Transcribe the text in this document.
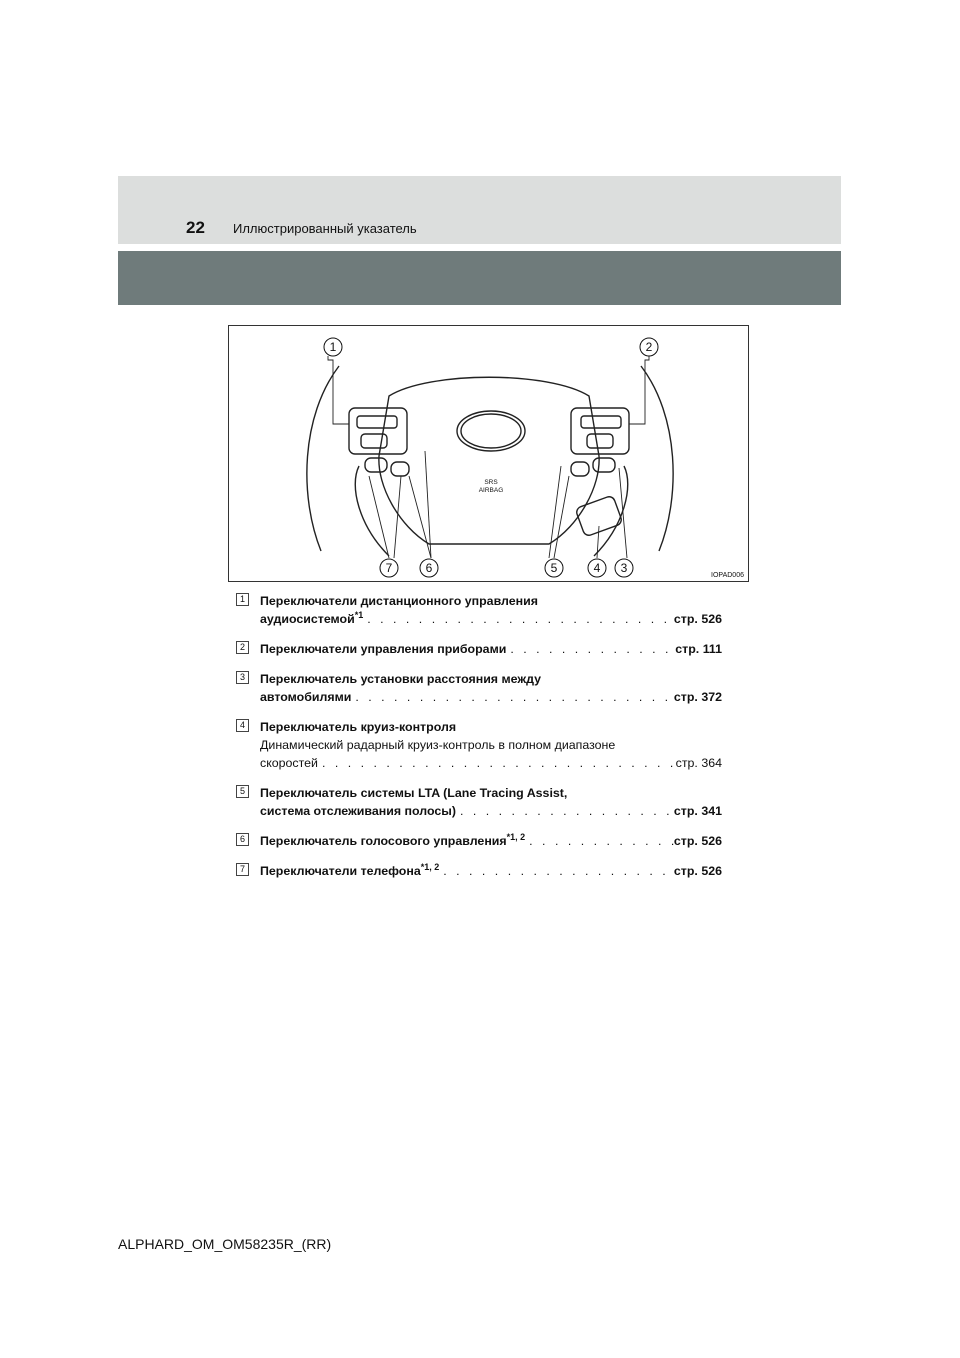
22 Иллюстрированный указатель
1	2
3
4
5
6
7
SRS
AIRBAG
IOPAD006
1	Переключатели дистанционного управления
аудиосистемой$^{*1}$ . . .	стр. 526
2	Переключатели управления приборами . . .	стр. 111
3	Переключатель установки расстояния между
автомобилями . . .	стр. 372
4	Переключатель круиз-контроля
Динамический радарный круиз-контроль в полном диапазоне
скоростей . . .	стр. 364
5	Переключатель системы LTA (Lane Tracing Assist,
система отслеживания полосы) . . .	стр. 341
6	Переключатель голосового управления$^{*1, 2}$ . . .	стр. 526
7	Переключатели телефона$^{*1, 2}$ . . .	стр. 526
ALPHARD_OM_OM58235R_(RR)
